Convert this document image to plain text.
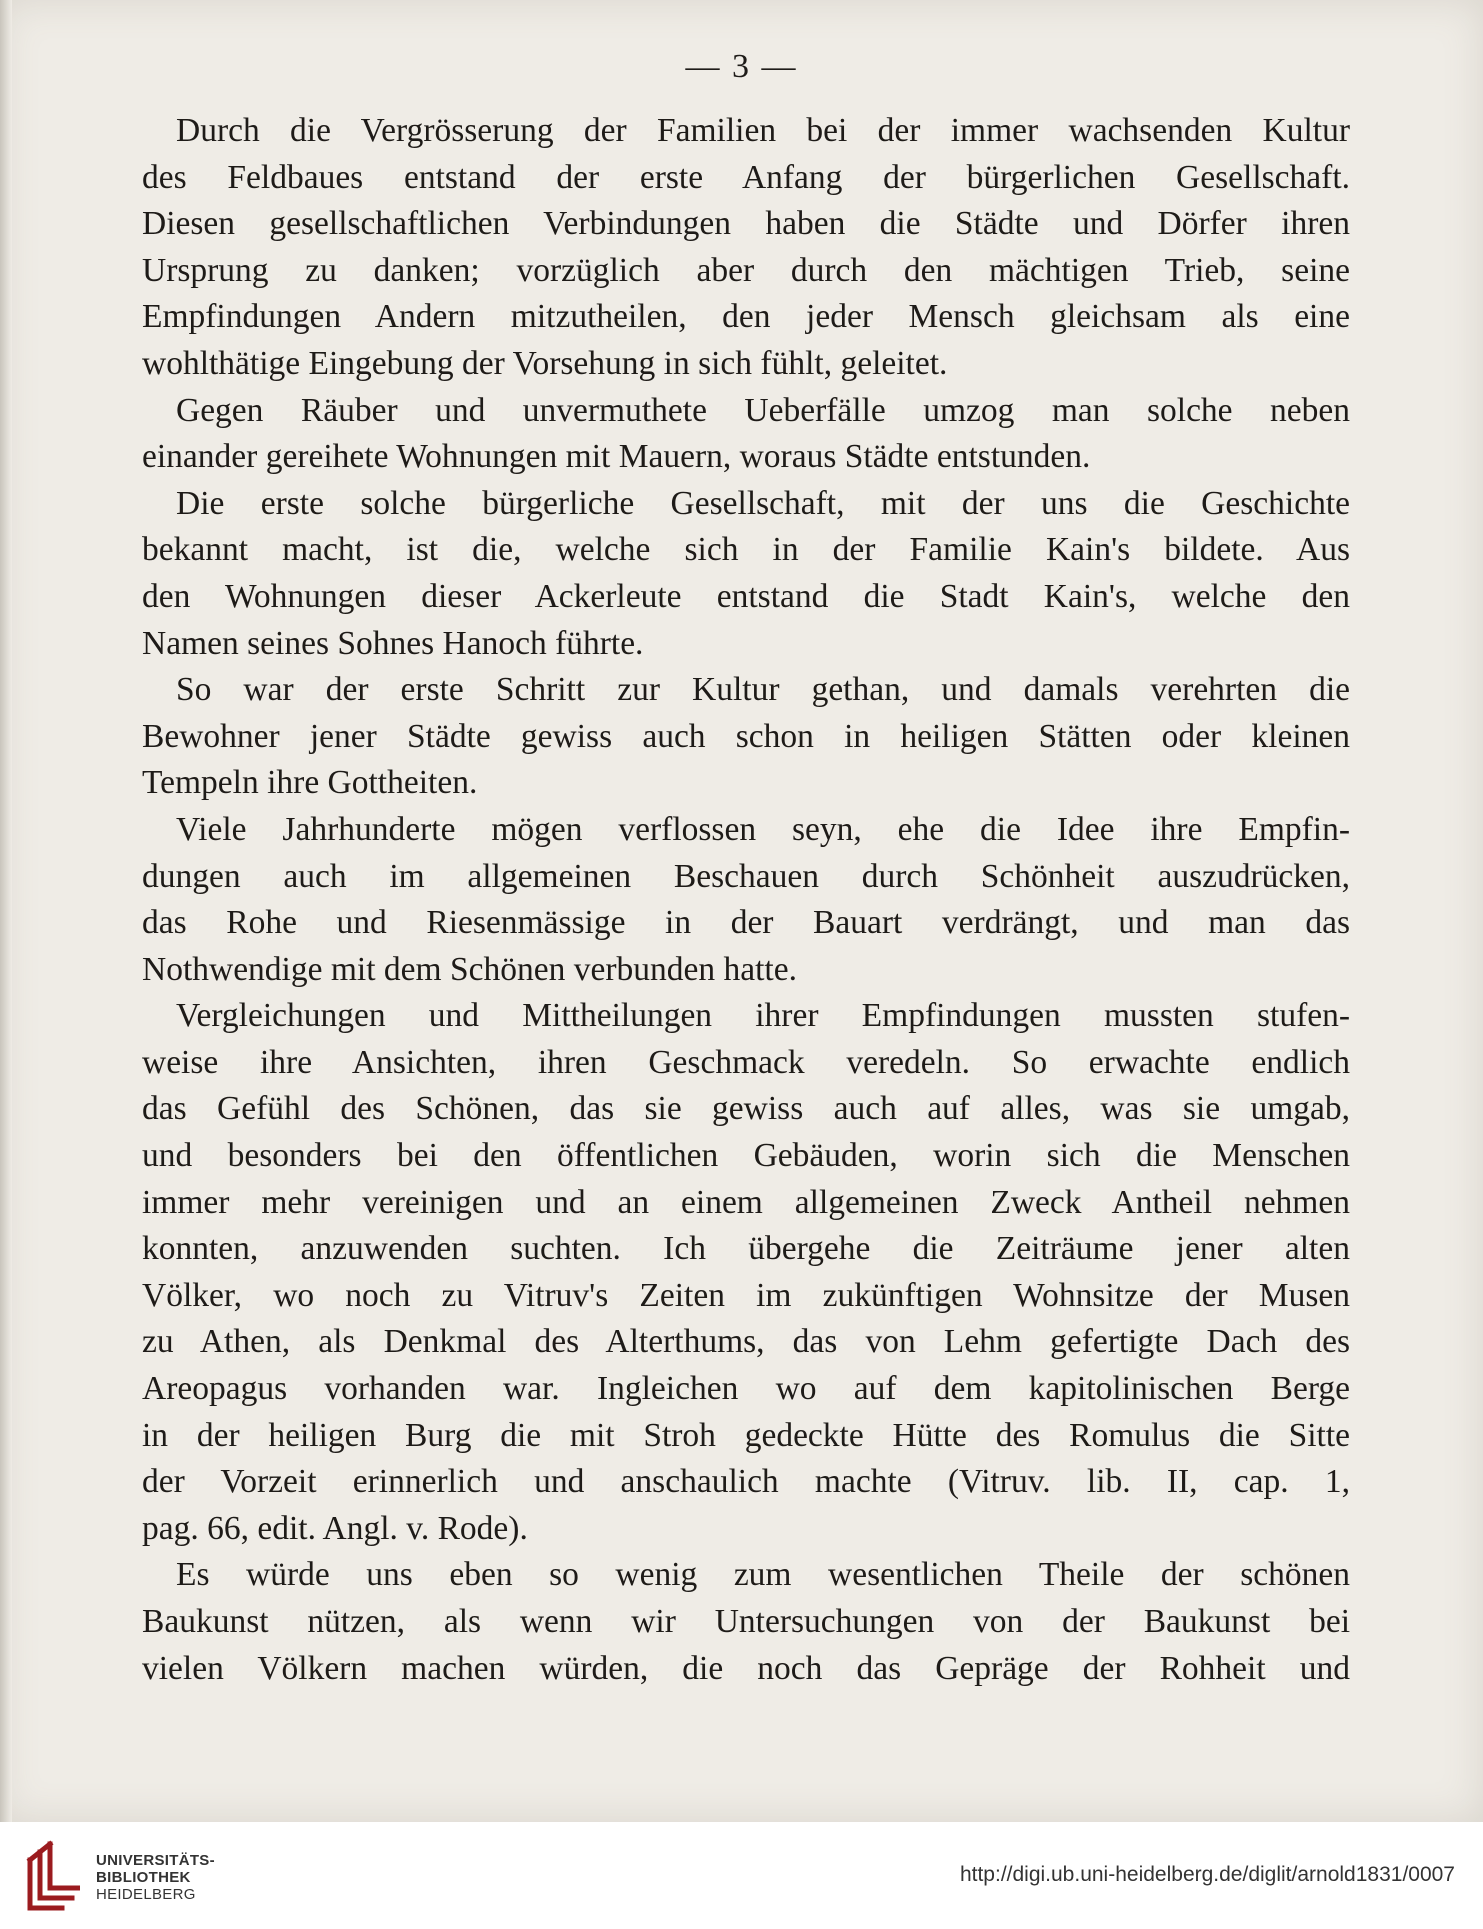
— 3 —
Durch die Vergrösserung der Familien bei der immer wachsenden Kultur
des Feldbaues entstand der erste Anfang der bürgerlichen Gesellschaft.
Diesen gesellschaftlichen Verbindungen haben die Städte und Dörfer ihren
Ursprung zu danken; vorzüglich aber durch den mächtigen Trieb, seine
Empfindungen Andern mitzutheilen, den jeder Mensch gleichsam als eine
wohlthätige Eingebung der Vorsehung in sich fühlt, geleitet.
Gegen Räuber und unvermuthete Ueberfälle umzog man solche neben
einander gereihete Wohnungen mit Mauern, woraus Städte entstunden.
Die erste solche bürgerliche Gesellschaft, mit der uns die Geschichte
bekannt macht, ist die, welche sich in der Familie Kain's bildete. Aus
den Wohnungen dieser Ackerleute entstand die Stadt Kain's, welche den
Namen seines Sohnes Hanoch führte.
So war der erste Schritt zur Kultur gethan, und damals verehrten die
Bewohner jener Städte gewiss auch schon in heiligen Stätten oder kleinen
Tempeln ihre Gottheiten.
Viele Jahrhunderte mögen verflossen seyn, ehe die Idee ihre Empfin-
dungen auch im allgemeinen Beschauen durch Schönheit auszudrücken,
das Rohe und Riesenmässige in der Bauart verdrängt, und man das
Nothwendige mit dem Schönen verbunden hatte.
Vergleichungen und Mittheilungen ihrer Empfindungen mussten stufen-
weise ihre Ansichten, ihren Geschmack veredeln. So erwachte endlich
das Gefühl des Schönen, das sie gewiss auch auf alles, was sie umgab,
und besonders bei den öffentlichen Gebäuden, worin sich die Menschen
immer mehr vereinigen und an einem allgemeinen Zweck Antheil nehmen
konnten, anzuwenden suchten. Ich übergehe die Zeiträume jener alten
Völker, wo noch zu Vitruv's Zeiten im zukünftigen Wohnsitze der Musen
zu Athen, als Denkmal des Alterthums, das von Lehm gefertigte Dach des
Areopagus vorhanden war. Ingleichen wo auf dem kapitolinischen Berge
in der heiligen Burg die mit Stroh gedeckte Hütte des Romulus die Sitte
der Vorzeit erinnerlich und anschaulich machte (Vitruv. lib. II, cap. 1,
pag. 66, edit. Angl. v. Rode).
Es würde uns eben so wenig zum wesentlichen Theile der schönen
Baukunst nützen, als wenn wir Untersuchungen von der Baukunst bei
vielen Völkern machen würden, die noch das Gepräge der Rohheit und
UNIVERSITÄTS-
BIBLIOTHEK
HEIDELBERG
http://digi.ub.uni-heidelberg.de/diglit/arnold1831/0007
